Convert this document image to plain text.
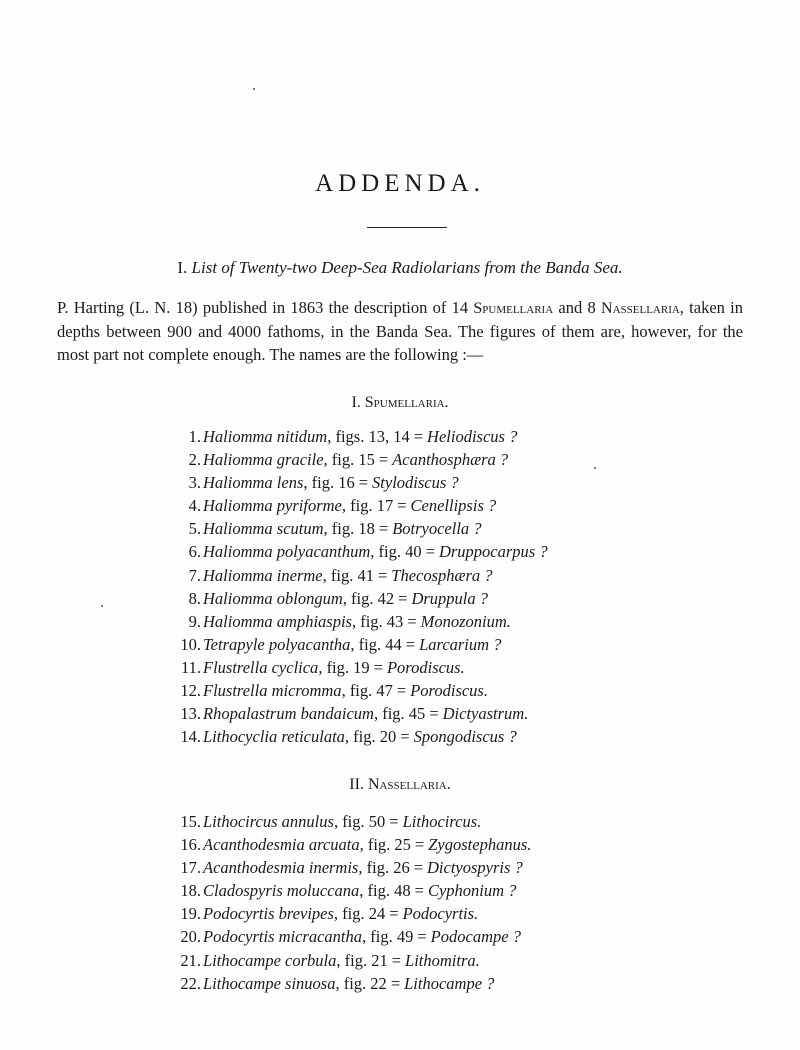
ADDENDA.
I. List of Twenty-two Deep-Sea Radiolarians from the Banda Sea.
P. Harting (L. N. 18) published in 1863 the description of 14 Spumellaria and 8 Nassellaria, taken in depths between 900 and 4000 fathoms, in the Banda Sea. The figures of them are, however, for the most part not complete enough. The names are the following :—
I. Spumellaria.
1. Haliomma nitidum, figs. 13, 14 = Heliodiscus ?
2. Haliomma gracile, fig. 15 = Acanthosphæra ?
3. Haliomma lens, fig. 16 = Stylodiscus ?
4. Haliomma pyriforme, fig. 17 = Cenellipsis ?
5. Haliomma scutum, fig. 18 = Botryocella ?
6. Haliomma polyacanthum, fig. 40 = Druppocarpus ?
7. Haliomma inerme, fig. 41 = Thecosphæra ?
8. Haliomma oblongum, fig. 42 = Druppula ?
9. Haliomma amphiaspis, fig. 43 = Monozonium.
10. Tetrapyle polyacantha, fig. 44 = Larcarium ?
11. Flustrella cyclica, fig. 19 = Porodiscus.
12. Flustrella micromma, fig. 47 = Porodiscus.
13. Rhopalastrum bandaicum, fig. 45 = Dictyastrum.
14. Lithocyclia reticulata, fig. 20 = Spongodiscus ?
II. Nassellaria.
15. Lithocircus annulus, fig. 50 = Lithocircus.
16. Acanthodesmia arcuata, fig. 25 = Zygostephanus.
17. Acanthodesmia inermis, fig. 26 = Dictyospyris ?
18. Cladospyris moluccana, fig. 48 = Cyphonium ?
19. Podocyrtis brevipes, fig. 24 = Podocyrtis.
20. Podocyrtis micracantha, fig. 49 = Podocampe ?
21. Lithocampe corbula, fig. 21 = Lithomitra.
22. Lithocampe sinuosa, fig. 22 = Lithocampe ?
